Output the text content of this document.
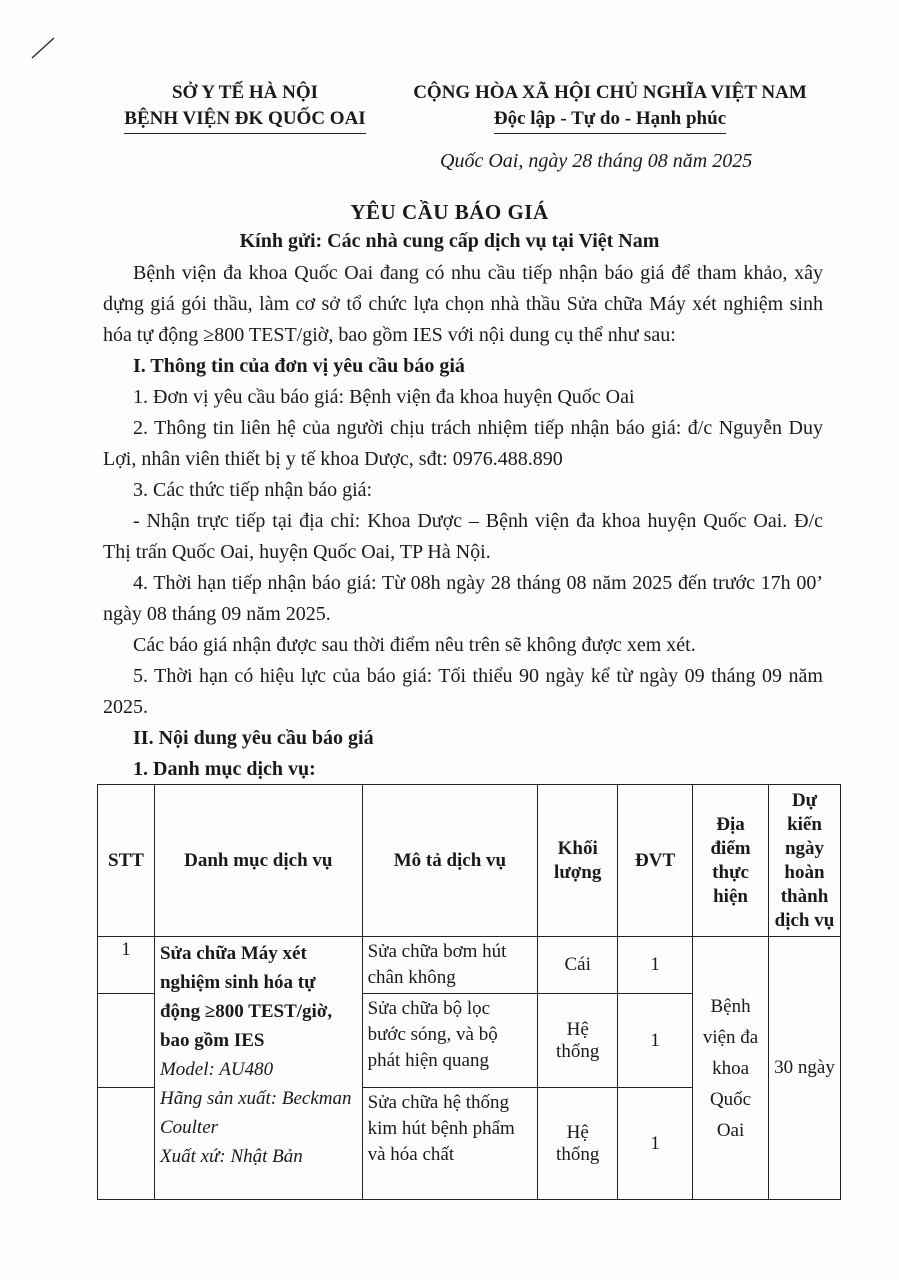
SỞ Y TẾ HÀ NỘI
BỆNH VIỆN ĐK QUỐC OAI
CỘNG HÒA XÃ HỘI CHỦ NGHĨA VIỆT NAM
Độc lập - Tự do - Hạnh phúc
Quốc Oai, ngày 28 tháng 08 năm 2025
YÊU CẦU BÁO GIÁ
Kính gửi: Các nhà cung cấp dịch vụ tại Việt Nam

Bệnh viện đa khoa Quốc Oai đang có nhu cầu tiếp nhận báo giá để tham khảo, xây dựng giá gói thầu, làm cơ sở tổ chức lựa chọn nhà thầu Sửa chữa Máy xét nghiệm sinh hóa tự động ≥800 TEST/giờ, bao gồm IES với nội dung cụ thể như sau:

I. Thông tin của đơn vị yêu cầu báo giá

1. Đơn vị yêu cầu báo giá: Bệnh viện đa khoa huyện Quốc Oai

2. Thông tin liên hệ của người chịu trách nhiệm tiếp nhận báo giá: đ/c Nguyễn Duy Lợi, nhân viên thiết bị y tế khoa Dược, sđt: 0976.488.890

3. Các thức tiếp nhận báo giá:

- Nhận trực tiếp tại địa chỉ: Khoa Dược – Bệnh viện đa khoa huyện Quốc Oai. Đ/c Thị trấn Quốc Oai, huyện Quốc Oai, TP Hà Nội.

4. Thời hạn tiếp nhận báo giá: Từ 08h ngày 28 tháng 08 năm 2025 đến trước 17h 00’ ngày 08 tháng 09 năm 2025.

Các báo giá nhận được sau thời điểm nêu trên sẽ không được xem xét.

5. Thời hạn có hiệu lực của báo giá: Tối thiểu 90 ngày kể từ ngày 09 tháng 09 năm 2025.

II. Nội dung yêu cầu báo giá

1. Danh mục dịch vụ:

STT	Danh mục dịch vụ	Mô tả dịch vụ	Khối lượng	ĐVT	Địa điểm thực hiện	Dự kiến ngày hoàn thành dịch vụ
1	Sửa chữa Máy xét nghiệm sinh hóa tự động ≥800 TEST/giờ, bao gồm IES
Model: AU480
Hãng sản xuất: Beckman Coulter
Xuất xứ: Nhật Bản	Sửa chữa bơm hút chân không	Cái	1	Bệnh viện đa khoa Quốc Oai	30 ngày
		Sửa chữa bộ lọc bước sóng, và bộ phát hiện quang	Hệ thống	1		
		Sửa chữa hệ thống kim hút bệnh phẩm và hóa chất	Hệ thống	1		
